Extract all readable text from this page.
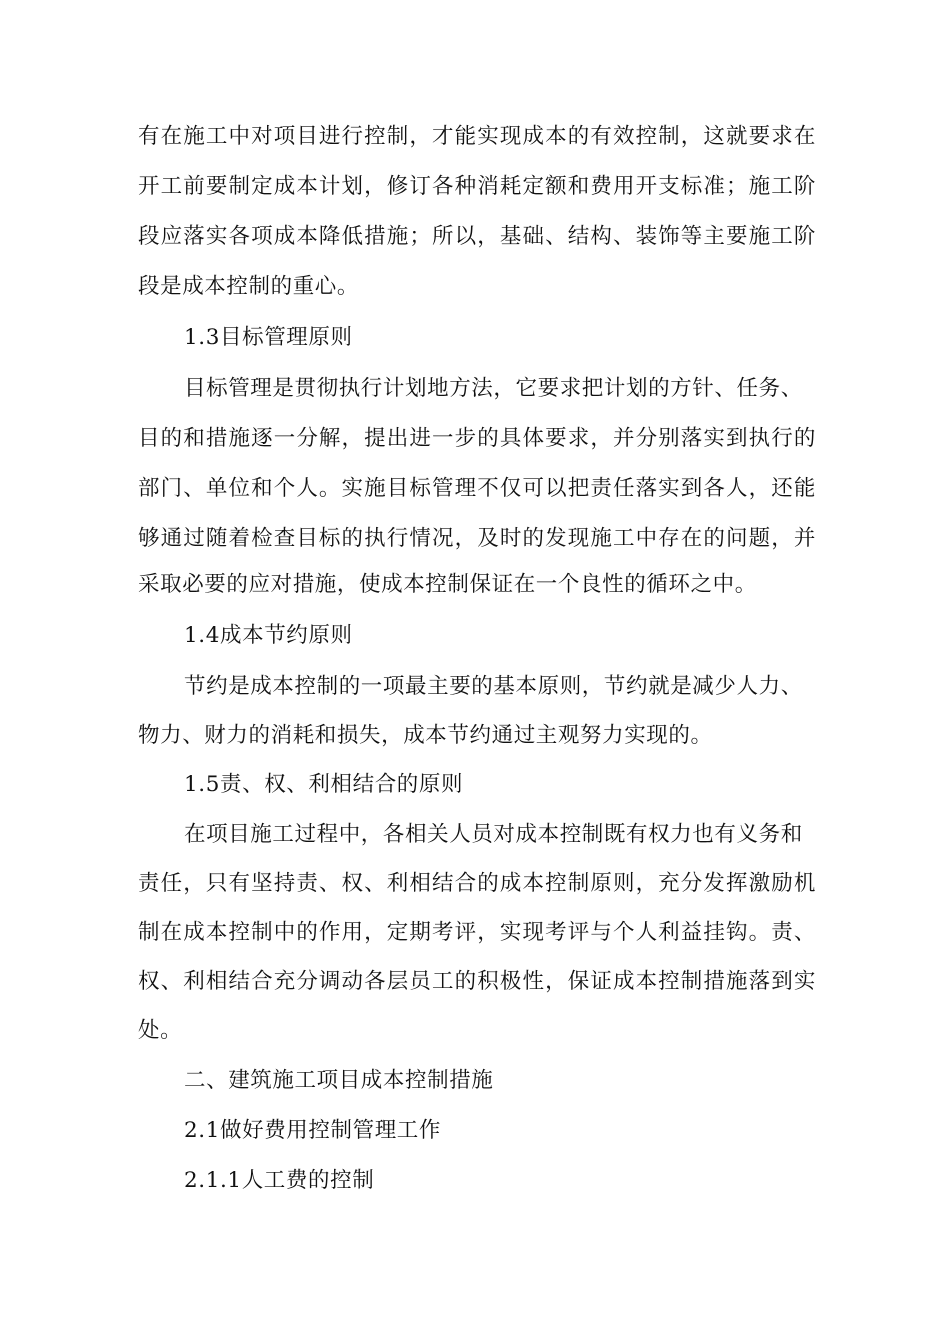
有在施工中对项目进行控制，才能实现成本的有效控制，这就要求在
开工前要制定成本计划，修订各种消耗定额和费用开支标准；施工阶
段应落实各项成本降低措施；所以，基础、结构、装饰等主要施工阶
段是成本控制的重心。
1.3目标管理原则
目标管理是贯彻执行计划地方法，它要求把计划的方针、任务、
目的和措施逐一分解，提出进一步的具体要求，并分别落实到执行的
部门、单位和个人。实施目标管理不仅可以把责任落实到各人，还能
够通过随着检查目标的执行情况，及时的发现施工中存在的问题，并
采取必要的应对措施，使成本控制保证在一个良性的循环之中。
1.4成本节约原则
节约是成本控制的一项最主要的基本原则，节约就是减少人力、
物力、财力的消耗和损失，成本节约通过主观努力实现的。
1.5责、权、利相结合的原则
在项目施工过程中，各相关人员对成本控制既有权力也有义务和
责任，只有坚持责、权、利相结合的成本控制原则，充分发挥激励机
制在成本控制中的作用，定期考评，实现考评与个人利益挂钩。责、
权、利相结合充分调动各层员工的积极性，保证成本控制措施落到实
处。
二、建筑施工项目成本控制措施
2.1做好费用控制管理工作
2.1.1人工费的控制
